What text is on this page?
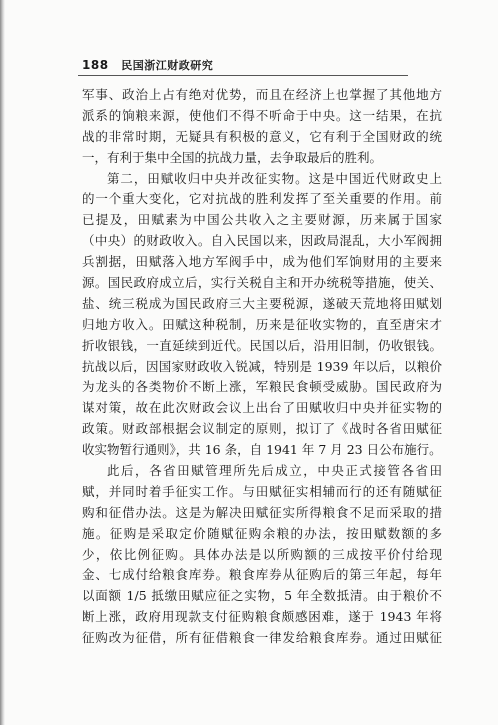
188 民国浙江财政研究
军事、政治上占有绝对优势，而且在经济上也掌握了其他地方
派系的饷粮来源，使他们不得不听命于中央。这一结果，在抗
战的非常时期，无疑具有积极的意义，它有利于全国财政的统
一，有利于集中全国的抗战力量，去争取最后的胜利。
第二，田赋收归中央并改征实物。这是中国近代财政史上
的一个重大变化，它对抗战的胜利发挥了至关重要的作用。前
已提及，田赋素为中国公共收入之主要财源，历来属于国家
（中央）的财政收入。自入民国以来，因政局混乱，大小军阀拥
兵割据，田赋落入地方军阀手中，成为他们军饷财用的主要来
源。国民政府成立后，实行关税自主和开办统税等措施，使关、
盐、统三税成为国民政府三大主要税源，遂破天荒地将田赋划
归地方收入。田赋这种税制，历来是征收实物的，直至唐宋才
折收银钱，一直延续到近代。民国以后，沿用旧制，仍收银钱。
抗战以后，因国家财政收入锐减，特别是 1939 年以后，以粮价
为龙头的各类物价不断上涨，军粮民食顿受威胁。国民政府为
谋对策，故在此次财政会议上出台了田赋收归中央并征实物的
政策。财政部根据会议制定的原则，拟订了《战时各省田赋征
收实物暂行通则》，共 16 条，自 1941 年 7 月 23 日公布施行。
此后，各省田赋管理所先后成立，中央正式接管各省田
赋，并同时着手征实工作。与田赋征实相辅而行的还有随赋征
购和征借办法。这是为解决田赋征实所得粮食不足而采取的措
施。征购是采取定价随赋征购余粮的办法，按田赋数额的多
少，依比例征购。具体办法是以所购额的三成按平价付给现
金、七成付给粮食库券。粮食库券从征购后的第三年起，每年
以面额 1/5 抵缴田赋应征之实物，5 年全数抵清。由于粮价不
断上涨，政府用现款支付征购粮食颇感困难，遂于 1943 年将
征购改为征借，所有征借粮食一律发给粮食库券。通过田赋征
